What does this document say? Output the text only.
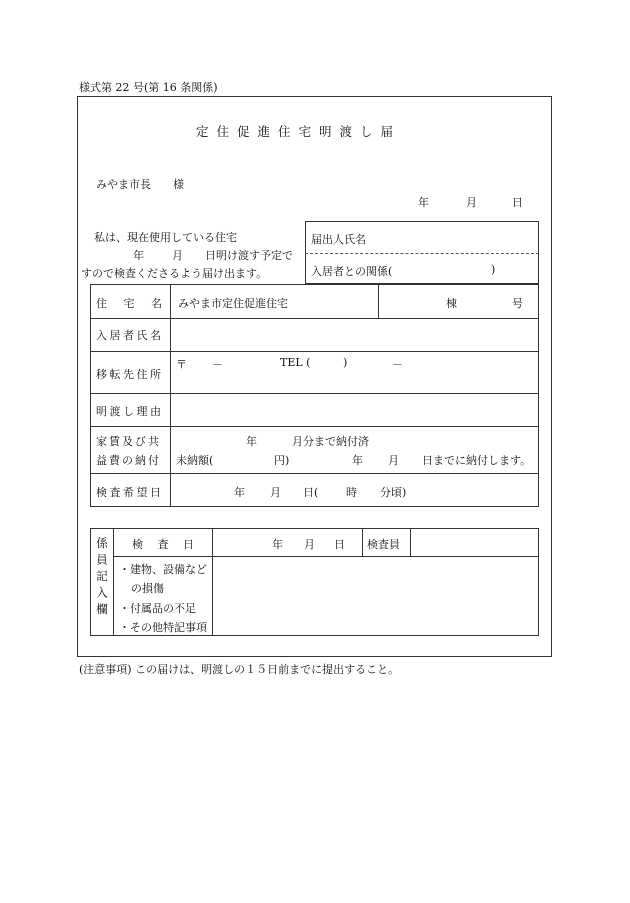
様式第 22 号(第 16 条関係)
定住促進住宅明渡し届
みやま市長　　様
年	月	日
私は、現在使用している住宅
年	月 日明け渡す予定で
すので検査くださるよう届け出ます。
届出人氏名
入居者との関係(	)
住 宅 名 みやま市定住促進住宅	棟	号
入居者氏名
移転先住所
〒 －	TEL (	)	－
明渡し理由
家賃及び共
益費の納付
年	月分まで納付済
未納額(	円)	年 月 日までに納付します。
検査希望日	年 月 日(	時 分頃)
係員記入欄 検 査 日	年 月 日 検査員
・建物、設備など
の損傷
・付属品の不足
・その他特記事項
(注意事項) この届けは、明渡しの１５日前までに提出すること。
